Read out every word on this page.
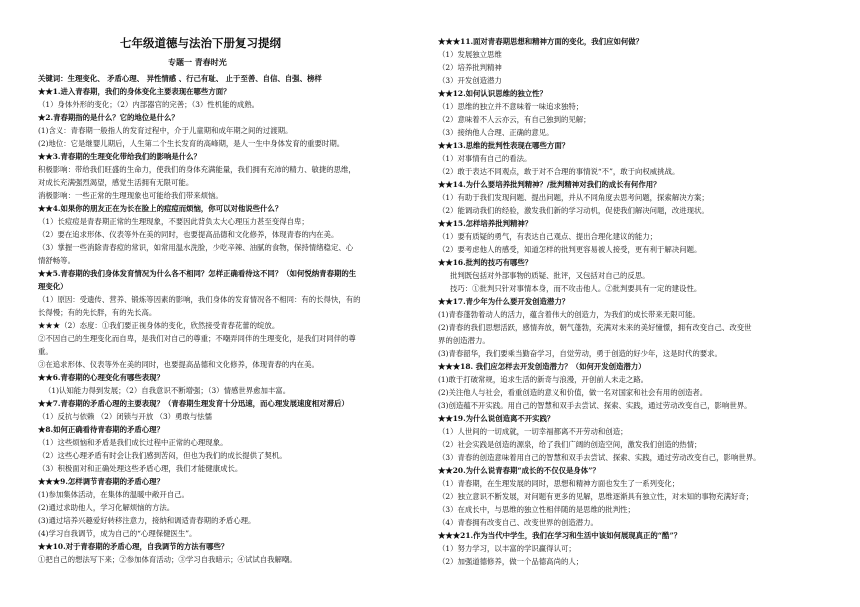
七年级道德与法治下册复习提纲
专题一 青春时光
关键词：生理变化、 矛盾心理、 异性情感 、行己有耻、 止于至善、自信、自强、榜样
★★1.进入青春期，我们的身体变化主要表现在哪些方面？
（1）身体外形的变化；（2）内部器官的完善；（3）性机能的成熟。
★2.青春期指的是什么？它的地位是什么？
(1)含义：青春期一般指人的发育过程中，介于儿童期和成年期之间的过渡期。
(2)地位：它是继婴儿期后，人生第二个生长发育的高峰期，是人一生中身体发育的重要时期。
★★3.青春期的生理变化带给我们的影响是什么？
积极影响：带给我们旺盛的生命力，使我们的身体充满能量，我们拥有充沛的精力、敏捷的思维，
对成长充满强烈渴望，感觉生活拥有无限可能。
消极影响：一些正常的生理现象也可能给我们带来烦恼。
★★4.如果你的朋友正在为长在脸上的痘痘而烦恼，你可以对他说些什么？
（1）长痘痘是青春期正常的生理现象，不要因此背负太大心理压力甚至变得自卑；
（2）要在追求形体、仪表等外在美的同时，也要提高品德和文化修养，体现青春的内在美。
（3）掌握一些消除青春痘的常识，如常用温水洗脸，少吃辛辣、油腻的食物，保持情绪稳定、心
情舒畅等。
★★5.青春期的我们身体发育情况为什么各不相同？怎样正确看待这不同？（如何悦纳青春期的生
理变化）
（1）原因：受遗传、营养、锻炼等因素的影响，我们身体的发育情况各不相同：有的长得快，有的
长得慢；有的先长胖，有的先长高。
★★★（2）态度：①我们要正视身体的变化，欣然接受青春花蕾的绽放。
②不因自己的生理变化而自卑，是我们对自己的尊重；不嘲弄同伴的生理变化，是我们对同伴的尊
重。
③在追求形体、仪表等外在美的同时，也要提高品德和文化修养，体现青春的内在美。
★★6.青春期的心理变化有哪些表现？
（1)认知能力得到发展；（2）自我意识不断增强；（3）情感世界愈加丰富。
★★7.青春期的矛盾心理的主要表现？（青春期生理发育十分迅速，而心理发展速度相对滞后）
（1）反抗与依赖 （2）闭锁与开放 （3）勇敢与怯懦
★8.如何正确看待青春期的矛盾心理？
（1）这些烦恼和矛盾是我们成长过程中正常的心理现象。
（2）这些心理矛盾有时会让我们感到苦闷，但也为我们的成长提供了契机。
（3）积极面对和正确处理这些矛盾心理，我们才能健康成长。
★★★9.怎样调节青春期的矛盾心理？
(1)参加集体活动，在集体的温暖中敞开自己。
(2)通过求助他人，学习化解烦恼的方法。
(3)通过培养兴趣爱好转移注意力，接纳和调适青春期的矛盾心理。
(4)学习自我调节，成为自己的“心理保健医生”。
★★10.对于青春期的矛盾心理，自我调节的方法有哪些？
①把自己的想法写下来；②参加体育活动；③学习自我暗示；④试试自我解嘲。
★★★11.面对青春期思想和精神方面的变化，我们应如何做？
（1）发展独立思维
（2）培养批判精神
（3）开发创造潜力
★★12.如何认识思维的独立性？
（1）思维的独立并不意味着一味追求独特；
（2）意味着不人云亦云，有自己独到的见解；
（3）接纳他人合理、正确的意见。
★★13.思维的批判性表现在哪些方面？
（1）对事情有自己的看法。
（2）敢于表达不同观点，敢于对不合理的事情说“不”，敢于向权威挑战。
★★14.为什么要培养批判精神？/批判精神对我们的成长有何作用？
（1）有助于我们发现问题、提出问题，并从不同角度去思考问题，探索解决方案；
（2）能调动我们的经验，激发我们新的学习动机，促使我们解决问题，改进现状。
★★15.怎样培养批判精神？
（1）要有质疑的勇气，有表达自己观点、提出合理化建议的能力；
（2）要考虑他人的感受，知道怎样的批判更容易被人接受，更有利于解决问题。
★★16.批判的技巧有哪些？
批判既包括对外部事物的质疑、批评，又包括对自己的反思。
技巧：①批判只针对事情本身，而不攻击他人。②批判要具有一定的建设性。
★★17.青少年为什么要开发创造潜力？
(1)青春蓬勃着动人的活力，蕴含着伟大的创造力，为我们的成长带来无限可能。
(2)青春的我们思想活跃，感情奔放，朝气蓬勃，充满对未来的美好憧憬，拥有改变自己、改变世
界的创造潜力。
(3)青春韶华，我们要乘当勤奋学习，自觉劳动，勇于创造的好少年，这是时代的要求。
★★★18. 我们应怎样去开发创造潜力？（如何开发创造潜力）
(1)敢于打破常规，追求生活的新奇与浪漫，开创前人未走之路。
(2)关注他人与社会，看重创造的意义和价值，做一名对国家和社会有用的创造者。
(3)创造蕴不开实践。用自己的智慧和双手去尝试、探索、实践，通过劳动改变自己，影响世界。
★★19.为什么说创造离不开实践？
（1）人世间的一切成就，一切幸福都离不开劳动和创造；
（2）社会实践是创造的源泉，给了我们广阔的创造空间，激发我们创造的热情；
（3）青春的创造意味着用自己的智慧和双手去尝试、探索、实践，通过劳动改变自己，影响世界。
★★20.为什么说青春期“成长的不仅仅是身体”？
（1）青春期，在生理发展的同时，思想和精神方面也发生了一系列变化；
（2）独立意识不断发展，对问题有更多的见解，思维逐渐具有独立性，对未知的事物充满好奇；
（3）在成长中，与思维的独立性相伴随的是思维的批判性；
（4）青春拥有改变自己、改变世界的创造潜力。
★★★21.作为当代中学生，我们在学习和生活中该如何展现真正的“酷”？
（1）努力学习，以丰富的学识赢得认可；
（2）加强道德修养，做一个品德高尚的人；
